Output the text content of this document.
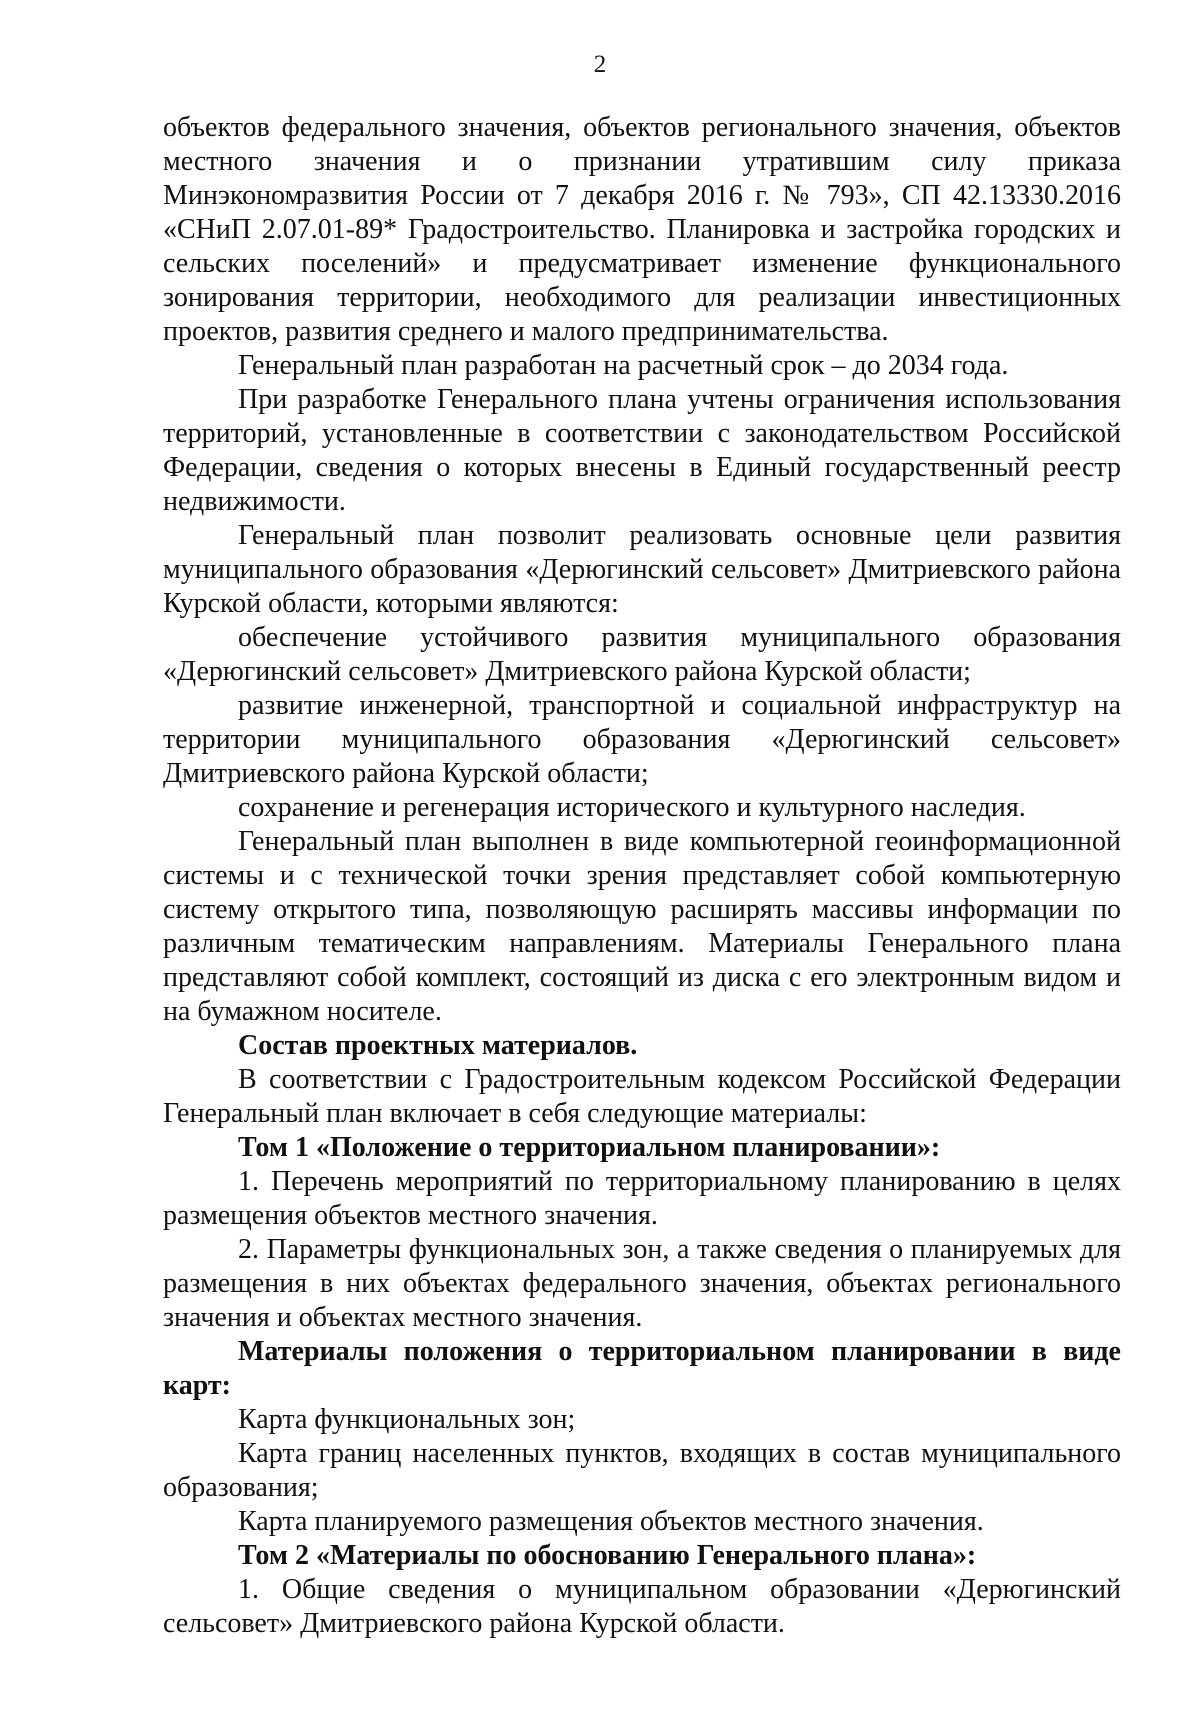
2

объектов федерального значения, объектов регионального значения, объектов местного значения и о признании утратившим силу приказа Минэкономразвития России от 7 декабря 2016 г. № 793», СП 42.13330.2016 «СНиП 2.07.01-89* Градостроительство. Планировка и застройка городских и сельских поселений» и предусматривает изменение функционального зонирования территории, необходимого для реализации инвестиционных проектов, развития среднего и малого предпринимательства.

Генеральный план разработан на расчетный срок – до 2034 года.

При разработке Генерального плана учтены ограничения использования территорий, установленные в соответствии с законодательством Российской Федерации, сведения о которых внесены в Единый государственный реестр недвижимости.

Генеральный план позволит реализовать основные цели развития муниципального образования «Дерюгинский сельсовет» Дмитриевского района Курской области, которыми являются:

обеспечение устойчивого развития муниципального образования «Дерюгинский сельсовет» Дмитриевского района Курской области;

развитие инженерной, транспортной и социальной инфраструктур на территории муниципального образования «Дерюгинский сельсовет» Дмитриевского района Курской области;

сохранение и регенерация исторического и культурного наследия.

Генеральный план выполнен в виде компьютерной геоинформационной системы и с технической точки зрения представляет собой компьютерную систему открытого типа, позволяющую расширять массивы информации по различным тематическим направлениям. Материалы Генерального плана представляют собой комплект, состоящий из диска с его электронным видом и на бумажном носителе.

Состав проектных материалов.

В соответствии с Градостроительным кодексом Российской Федерации Генеральный план включает в себя следующие материалы:

Том 1 «Положение о территориальном планировании»:

1. Перечень мероприятий по территориальному планированию в целях размещения объектов местного значения.

2. Параметры функциональных зон, а также сведения о планируемых для размещения в них объектах федерального значения, объектах регионального значения и объектах местного значения.

Материалы положения о территориальном планировании в виде карт:

Карта функциональных зон;

Карта границ населенных пунктов, входящих в состав муниципального образования;

Карта планируемого размещения объектов местного значения.

Том 2 «Материалы по обоснованию Генерального плана»:

1. Общие сведения о муниципальном образовании «Дерюгинский сельсовет» Дмитриевского района Курской области.
